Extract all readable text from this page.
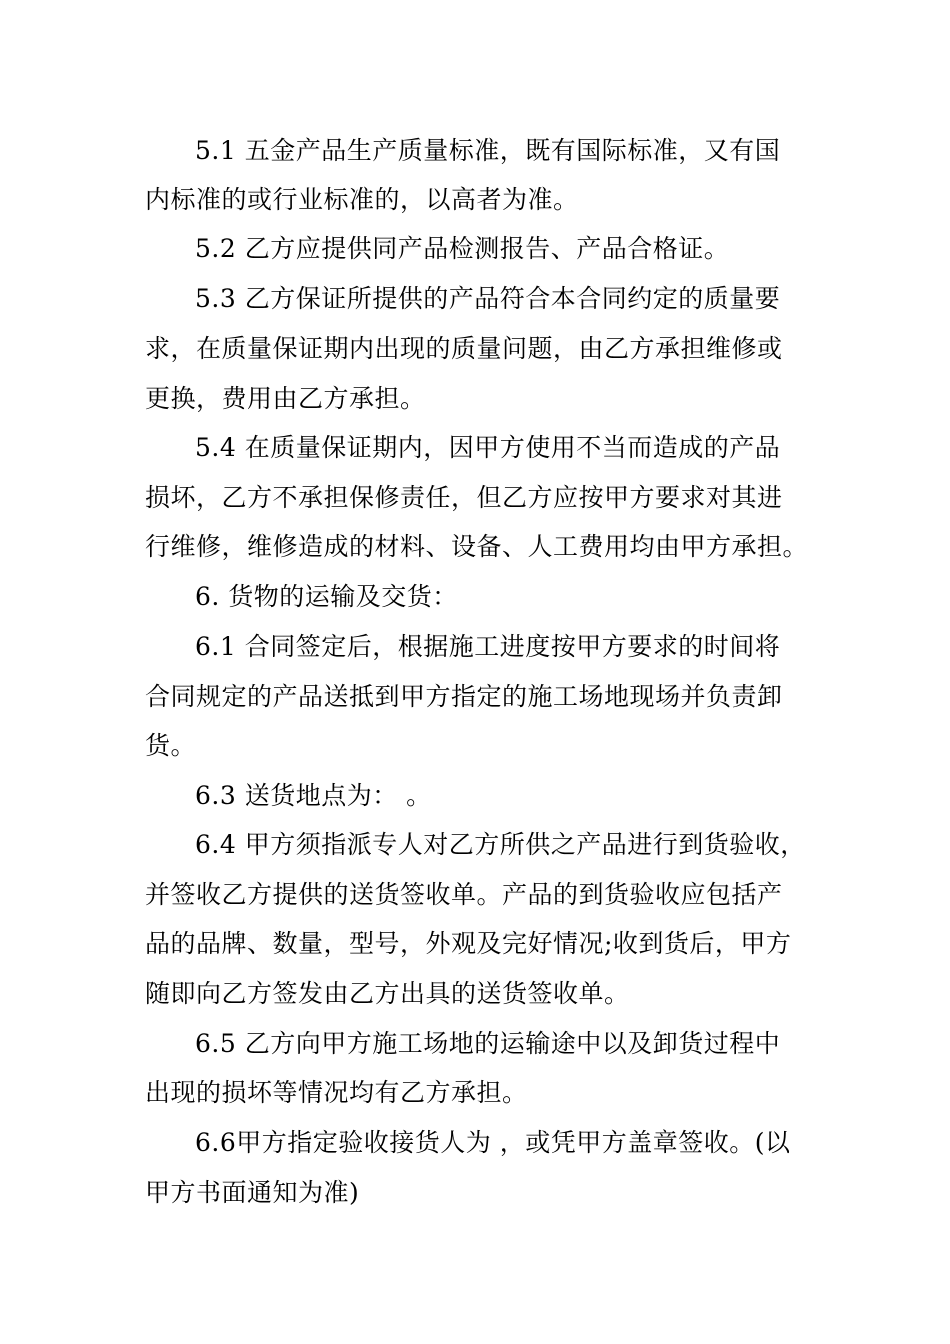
5.1 五金产品生产质量标准，既有国际标准，又有国
内标准的或行业标准的，以高者为准。
5.2 乙方应提供同产品检测报告、产品合格证。
5.3 乙方保证所提供的产品符合本合同约定的质量要
求，在质量保证期内出现的质量问题，由乙方承担维修或
更换，费用由乙方承担。
5.4 在质量保证期内，因甲方使用不当而造成的产品
损坏，乙方不承担保修责任，但乙方应按甲方要求对其进
行维修，维修造成的材料、设备、人工费用均由甲方承担。
6. 货物的运输及交货：
6.1 合同签定后，根据施工进度按甲方要求的时间将
合同规定的产品送抵到甲方指定的施工场地现场并负责卸
货。
6.3 送货地点为： 。
6.4 甲方须指派专人对乙方所供之产品进行到货验收，
并签收乙方提供的送货签收单。产品的到货验收应包括产
品的品牌、数量，型号，外观及完好情况;收到货后，甲方
随即向乙方签发由乙方出具的送货签收单。
6.5 乙方向甲方施工场地的运输途中以及卸货过程中
出现的损坏等情况均有乙方承担。
6.6甲方指定验收接货人为 ，或凭甲方盖章签收。(以
甲方书面通知为准)
